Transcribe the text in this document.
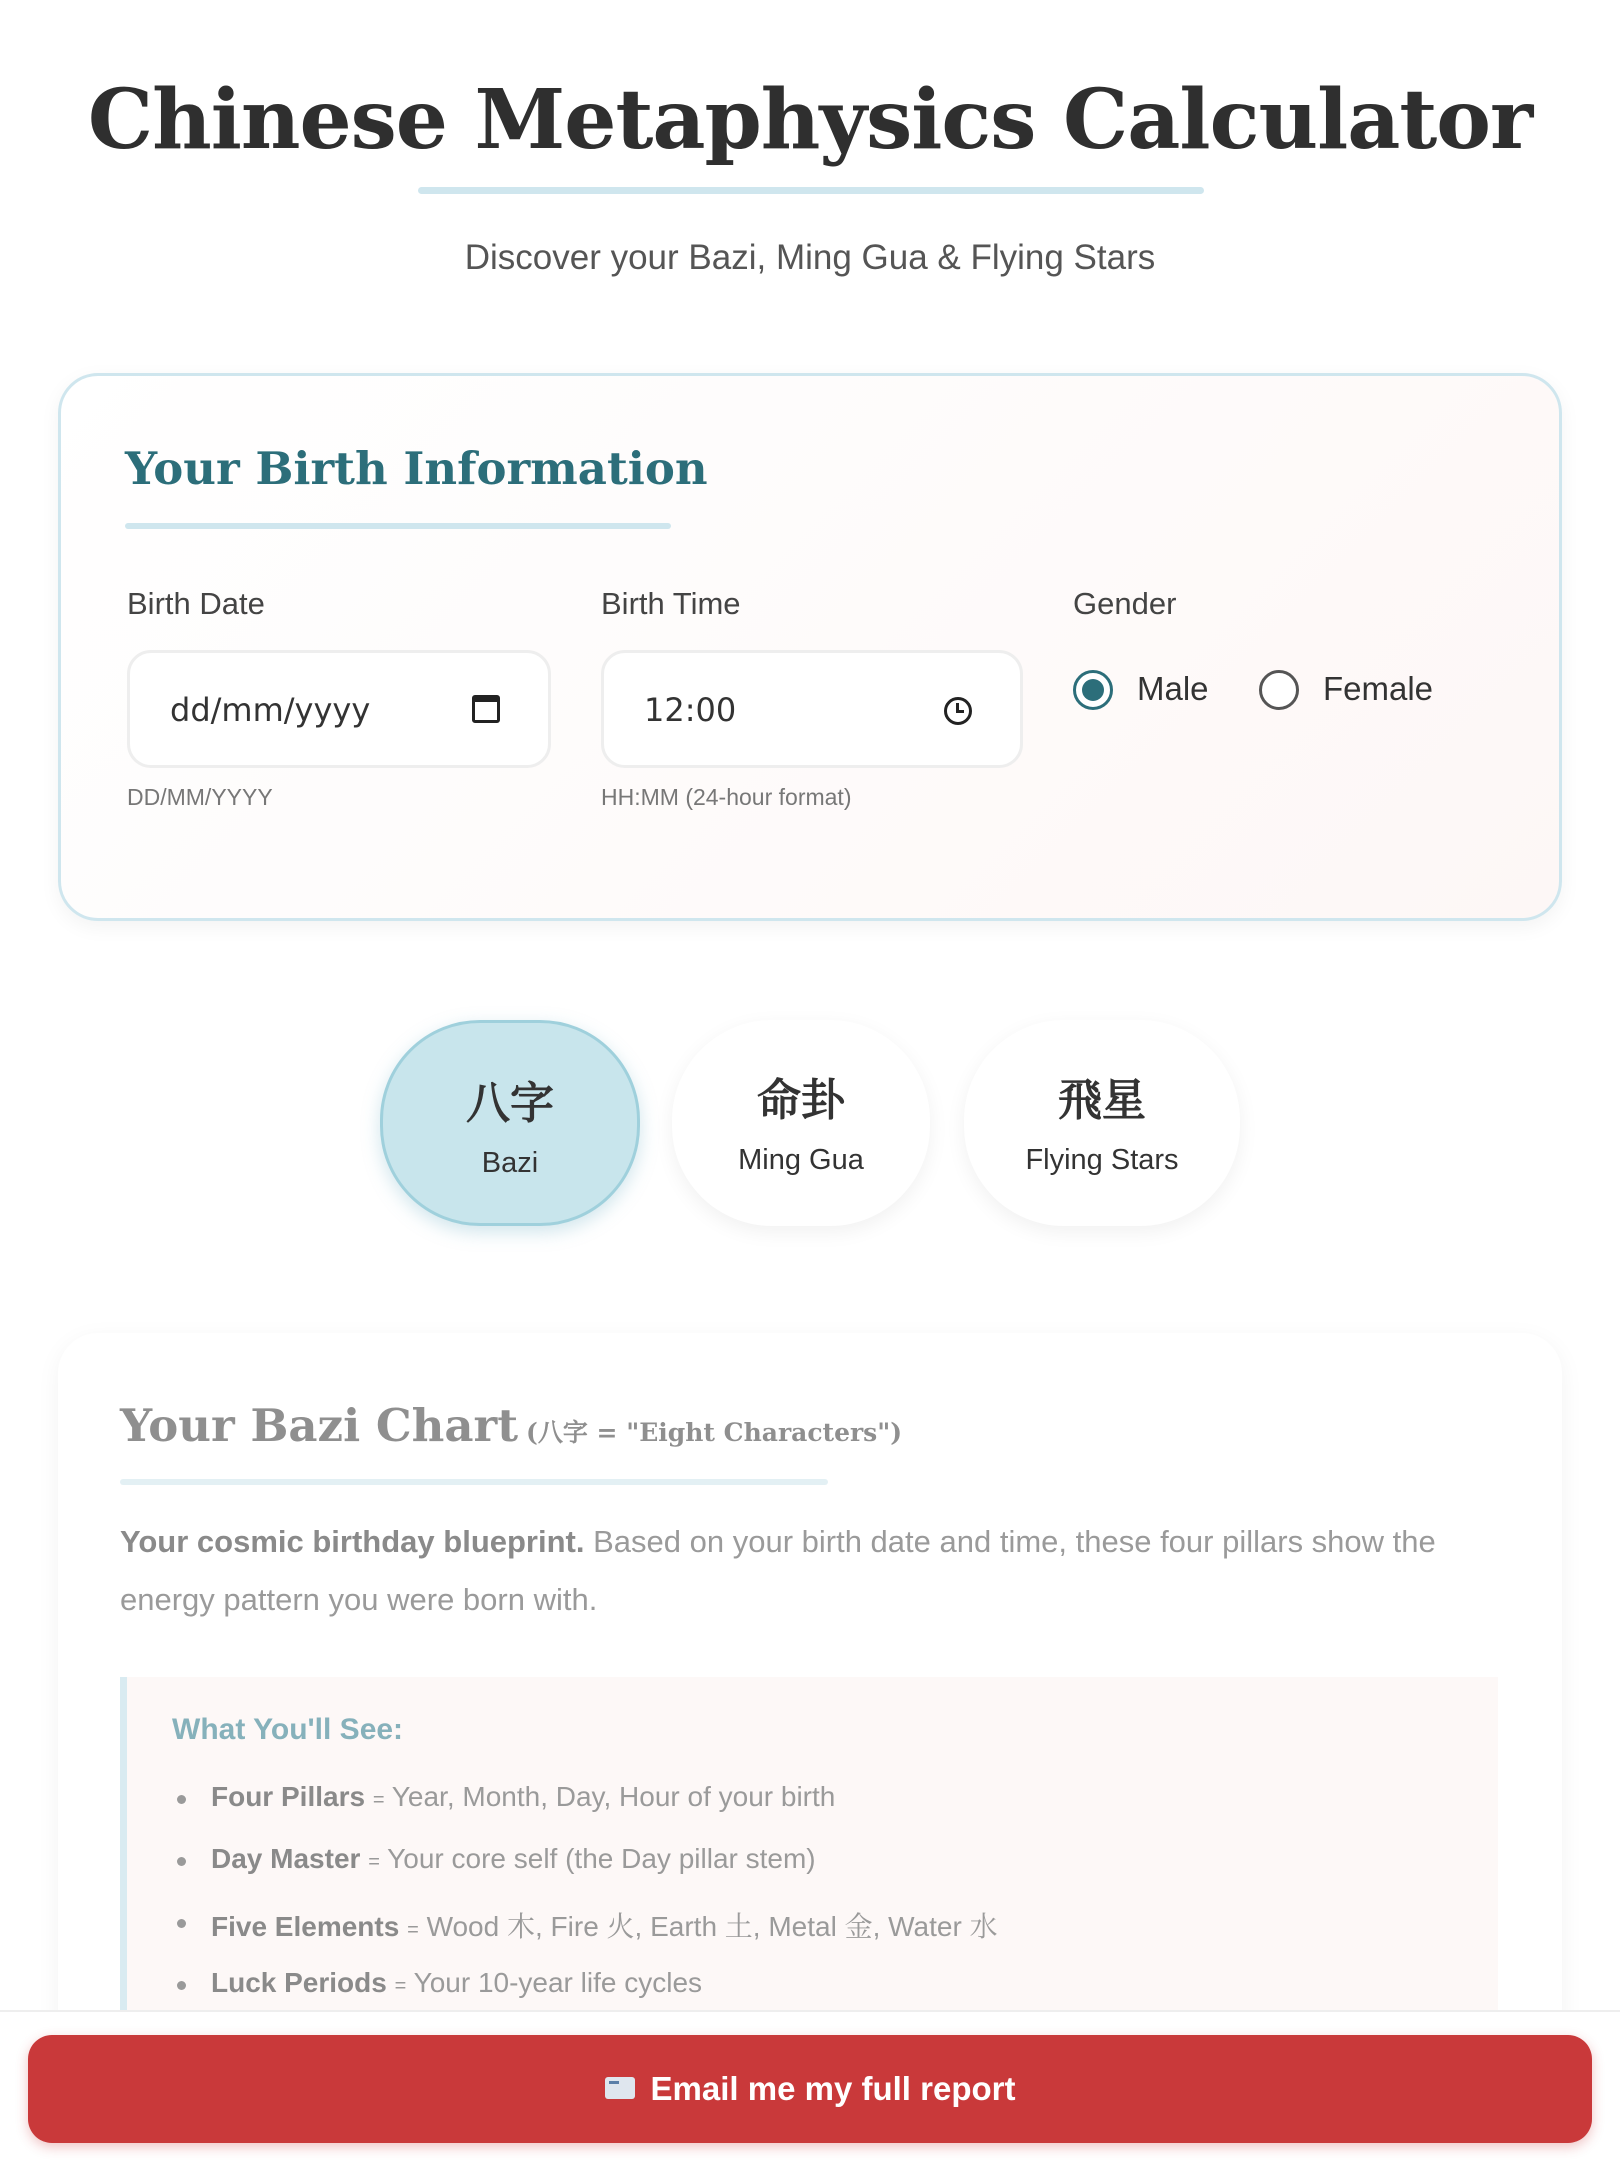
Chinese Metaphysics Calculator

Discover your Bazi, Ming Gua & Flying Stars

Your Birth Information
Birth Date
dd/mm/yyyy
DD/MM/YYYY
Birth Time
12:00
HH:MM (24-hour format)
Gender
Male	Female
八字
Bazi
命卦
Ming Gua
飛星
Flying Stars
Your Bazi Chart (八字 = "Eight Characters")

Your cosmic birthday blueprint. Based on your birth date and time, these four pillars show the energy pattern you were born with.

What You'll See:
Four Pillars = Year, Month, Day, Hour of your birth
Day Master = Your core self (the Day pillar stem)
Five Elements = Wood 木, Fire 火, Earth 土, Metal 金, Water 水
Luck Periods = Your 10-year life cycles
Email me my full report
